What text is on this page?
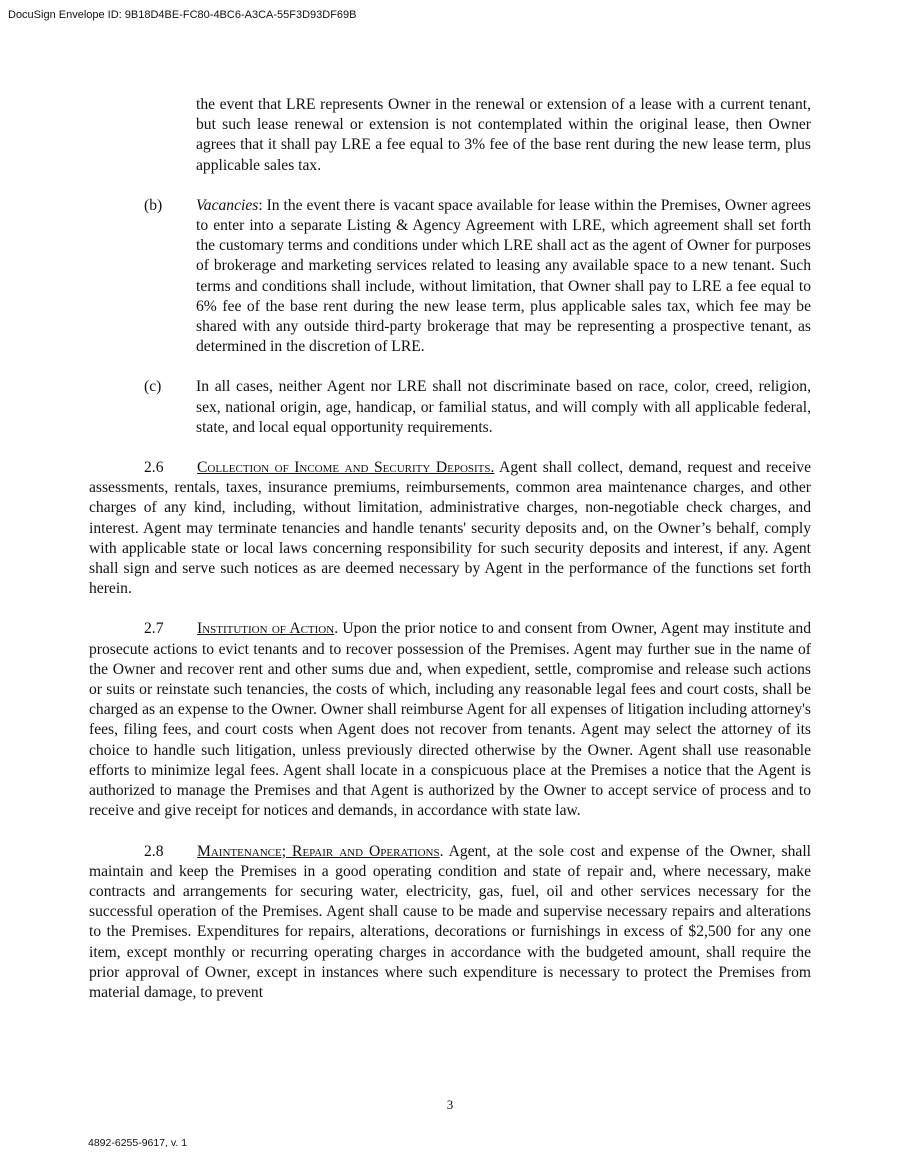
DocuSign Envelope ID: 9B18D4BE-FC80-4BC6-A3CA-55F3D93DF69B

the event that LRE represents Owner in the renewal or extension of a lease with a current tenant, but such lease renewal or extension is not contemplated within the original lease, then Owner agrees that it shall pay LRE a fee equal to 3% fee of the base rent during the new lease term, plus applicable sales tax.

(b) Vacancies: In the event there is vacant space available for lease within the Premises, Owner agrees to enter into a separate Listing & Agency Agreement with LRE, which agreement shall set forth the customary terms and conditions under which LRE shall act as the agent of Owner for purposes of brokerage and marketing services related to leasing any available space to a new tenant. Such terms and conditions shall include, without limitation, that Owner shall pay to LRE a fee equal to 6% fee of the base rent during the new lease term, plus applicable sales tax, which fee may be shared with any outside third-party brokerage that may be representing a prospective tenant, as determined in the discretion of LRE.

(c) In all cases, neither Agent nor LRE shall not discriminate based on race, color, creed, religion, sex, national origin, age, handicap, or familial status, and will comply with all applicable federal, state, and local equal opportunity requirements.

2.6 Collection of Income and Security Deposits. Agent shall collect, demand, request and receive assessments, rentals, taxes, insurance premiums, reimbursements, common area maintenance charges, and other charges of any kind, including, without limitation, administrative charges, non-negotiable check charges, and interest. Agent may terminate tenancies and handle tenants' security deposits and, on the Owner’s behalf, comply with applicable state or local laws concerning responsibility for such security deposits and interest, if any. Agent shall sign and serve such notices as are deemed necessary by Agent in the performance of the functions set forth herein.

2.7 Institution of Action. Upon the prior notice to and consent from Owner, Agent may institute and prosecute actions to evict tenants and to recover possession of the Premises. Agent may further sue in the name of the Owner and recover rent and other sums due and, when expedient, settle, compromise and release such actions or suits or reinstate such tenancies, the costs of which, including any reasonable legal fees and court costs, shall be charged as an expense to the Owner. Owner shall reimburse Agent for all expenses of litigation including attorney's fees, filing fees, and court costs when Agent does not recover from tenants. Agent may select the attorney of its choice to handle such litigation, unless previously directed otherwise by the Owner. Agent shall use reasonable efforts to minimize legal fees. Agent shall locate in a conspicuous place at the Premises a notice that the Agent is authorized to manage the Premises and that Agent is authorized by the Owner to accept service of process and to receive and give receipt for notices and demands, in accordance with state law.

2.8 Maintenance; Repair and Operations. Agent, at the sole cost and expense of the Owner, shall maintain and keep the Premises in a good operating condition and state of repair and, where necessary, make contracts and arrangements for securing water, electricity, gas, fuel, oil and other services necessary for the successful operation of the Premises. Agent shall cause to be made and supervise necessary repairs and alterations to the Premises. Expenditures for repairs, alterations, decorations or furnishings in excess of $2,500 for any one item, except monthly or recurring operating charges in accordance with the budgeted amount, shall require the prior approval of Owner, except in instances where such expenditure is necessary to protect the Premises from material damage, to prevent

3
4892-6255-9617, v. 1
